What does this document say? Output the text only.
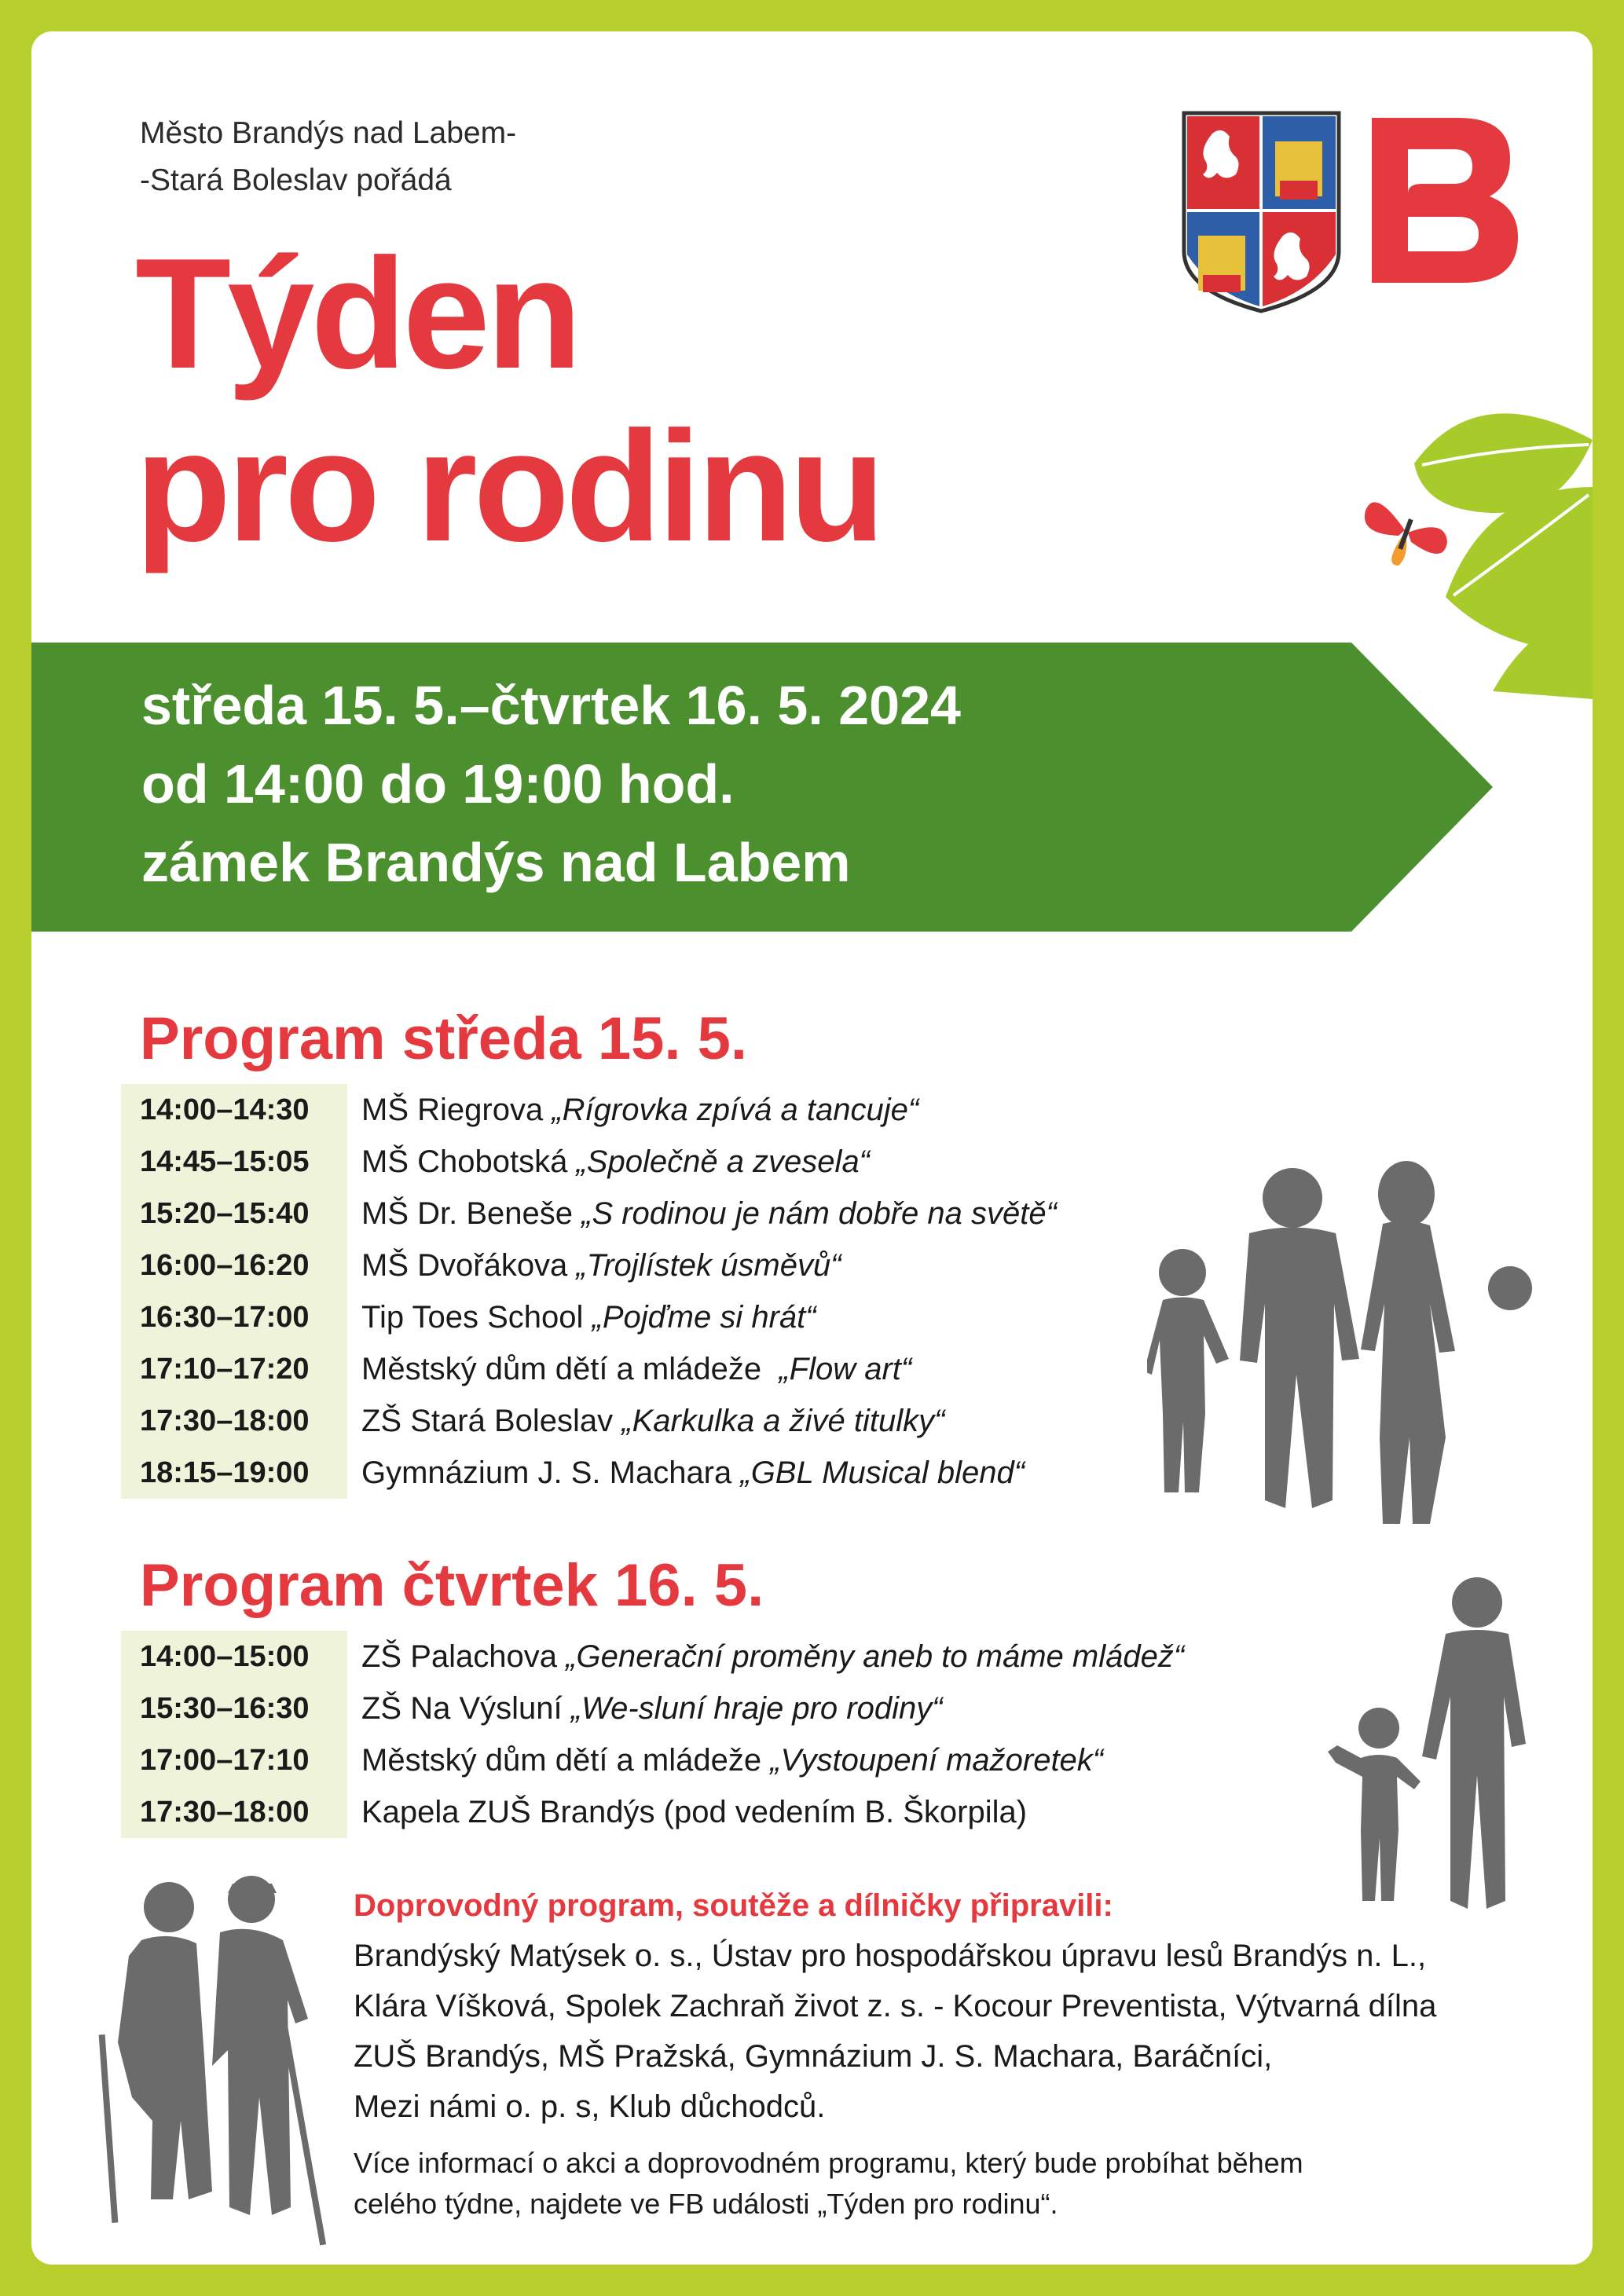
Město Brandýs nad Labem-
-Stará Boleslav pořádá
Týden
pro rodinu
středa 15. 5.–čtvrtek 16. 5. 2024
od 14:00 do 19:00 hod.
zámek Brandýs nad Labem
Program středa 15. 5.
14:00–14:30	MŠ Riegrova „Rígrovka zpívá a tancuje“
14:45–15:05	MŠ Chobotská „Společně a zvesela“
15:20–15:40	MŠ Dr. Beneše „S rodinou je nám dobře na světě“
16:00–16:20	MŠ Dvořákova „Trojlístek úsměvů“
16:30–17:00	Tip Toes School „Pojďme si hrát“
17:10–17:20	Městský dům dětí a mládeže  „Flow art“
17:30–18:00	ZŠ Stará Boleslav „Karkulka a živé titulky“
18:15–19:00	Gymnázium J. S. Machara „GBL Musical blend“
Program čtvrtek 16. 5.
14:00–15:00	ZŠ Palachova „Generační proměny aneb to máme mládež“
15:30–16:30	ZŠ Na Výsluní „We-sluní hraje pro rodiny“
17:00–17:10	Městský dům dětí a mládeže „Vystoupení mažoretek“
17:30–18:00	Kapela ZUŠ Brandýs (pod vedením B. Škorpila)
Doprovodný program, soutěže a dílničky připravili:
Brandýský Matýsek o. s., Ústav pro hospodářskou úpravu lesů Brandýs n. L.,
Klára Víšková, Spolek Zachraň život z. s. - Kocour Preventista, Výtvarná dílna
ZUŠ Brandýs, MŠ Pražská, Gymnázium J. S. Machara, Baráčníci,
Mezi námi o. p. s, Klub důchodců.
Více informací o akci a doprovodném programu, který bude probíhat během
celého týdne, najdete ve FB události „Týden pro rodinu“.
